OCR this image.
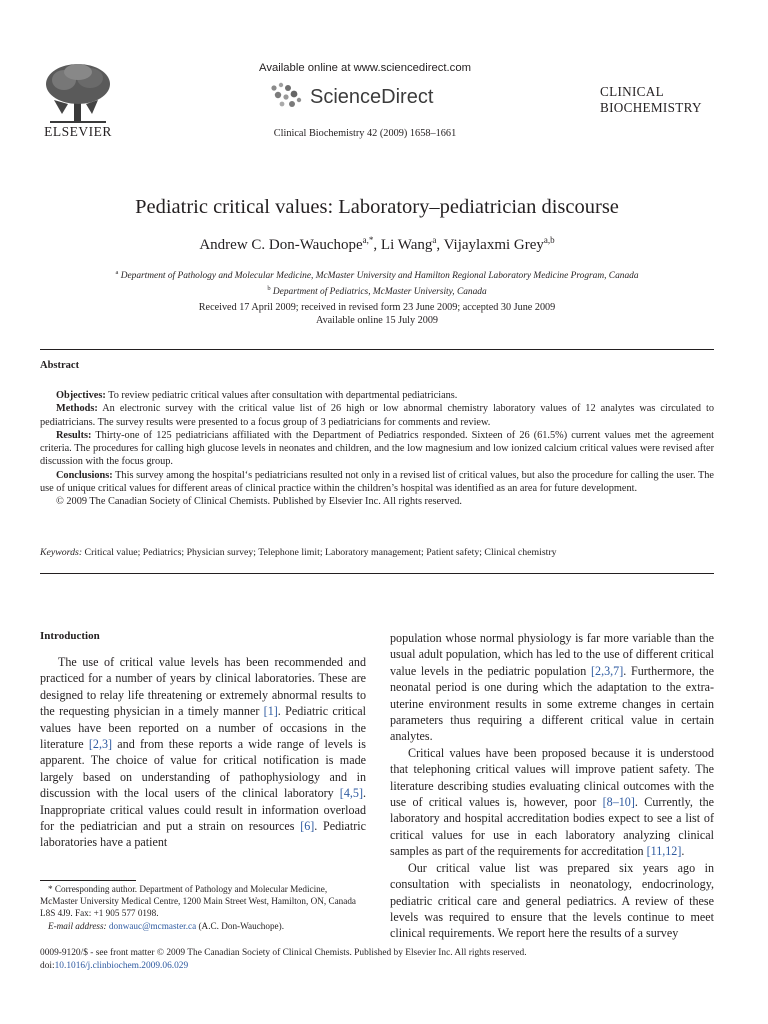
ELSEVIER
Available online at www.sciencedirect.com
ScienceDirect
Clinical Biochemistry 42 (2009) 1658–1661
CLINICAL
BIOCHEMISTRY
Pediatric critical values: Laboratory–pediatrician discourse
Andrew C. Don-Wauchope$^{a,*}$, Li Wang$^a$, Vijaylaxmi Grey$^{a,b}$
$^a$ Department of Pathology and Molecular Medicine, McMaster University and Hamilton Regional Laboratory Medicine Program, Canada
$^b$ Department of Pediatrics, McMaster University, Canada
Received 17 April 2009; received in revised form 23 June 2009; accepted 30 June 2009
Available online 15 July 2009
Abstract

Objectives: To review pediatric critical values after consultation with departmental pediatricians.

Methods: An electronic survey with the critical value list of 26 high or low abnormal chemistry laboratory values of 12 analytes was circulated to pediatricians. The survey results were presented to a focus group of 3 pediatricians for comments and review.

Results: Thirty-one of 125 pediatricians affiliated with the Department of Pediatrics responded. Sixteen of 26 (61.5%) current values met the agreement criteria. The procedures for calling high glucose levels in neonates and children, and the low magnesium and low ionized calcium critical values were revised after discussion with the focus group.

Conclusions: This survey among the hospital‘s pediatricians resulted not only in a revised list of critical values, but also the procedure for calling the user. The use of unique critical values for different areas of clinical practice within the children’s hospital was identified as an area for future development.

© 2009 The Canadian Society of Clinical Chemists. Published by Elsevier Inc. All rights reserved.

Keywords: Critical value; Pediatrics; Physician survey; Telephone limit; Laboratory management; Patient safety; Clinical chemistry
Introduction

The use of critical value levels has been recommended and practiced for a number of years by clinical laboratories. These are designed to relay life threatening or extremely abnormal results to the requesting physician in a timely manner [1]. Pediatric critical values have been reported on a number of occasions in the literature [2,3] and from these reports a wide range of levels is apparent. The choice of value for critical notification is made largely based on understanding of pathophysiology and in discussion with the local users of the clinical laboratory [4,5]. Inappropriate critical values could result in information overload for the pediatrician and put a strain on resources [6]. Pediatric laboratories have a patient

* Corresponding author. Department of Pathology and Molecular Medicine, McMaster University Medical Centre, 1200 Main Street West, Hamilton, ON, Canada L8S 4J9. Fax: +1 905 577 0198.

E-mail address: donwauc@mcmaster.ca (A.C. Don-Wauchope).

population whose normal physiology is far more variable than the usual adult population, which has led to the use of different critical value levels in the pediatric population [2,3,7]. Furthermore, the neonatal period is one during which the adaptation to the extra-uterine environment results in some extreme changes in certain parameters thus requiring a different critical value in certain analytes.

Critical values have been proposed because it is understood that telephoning critical values will improve patient safety. The literature describing studies evaluating clinical outcomes with the use of critical values is, however, poor [8–10]. Currently, the laboratory and hospital accreditation bodies expect to see a list of critical values for use in each laboratory analyzing clinical samples as part of the requirements for accreditation [11,12].

Our critical value list was prepared six years ago in consultation with specialists in neonatology, endocrinology, pediatric critical care and general pediatrics. A review of these levels was required to ensure that the levels continue to meet clinical requirements. We report here the results of a survey

0009-9120/$ - see front matter © 2009 The Canadian Society of Clinical Chemists. Published by Elsevier Inc. All rights reserved.
doi:10.1016/j.clinbiochem.2009.06.029
